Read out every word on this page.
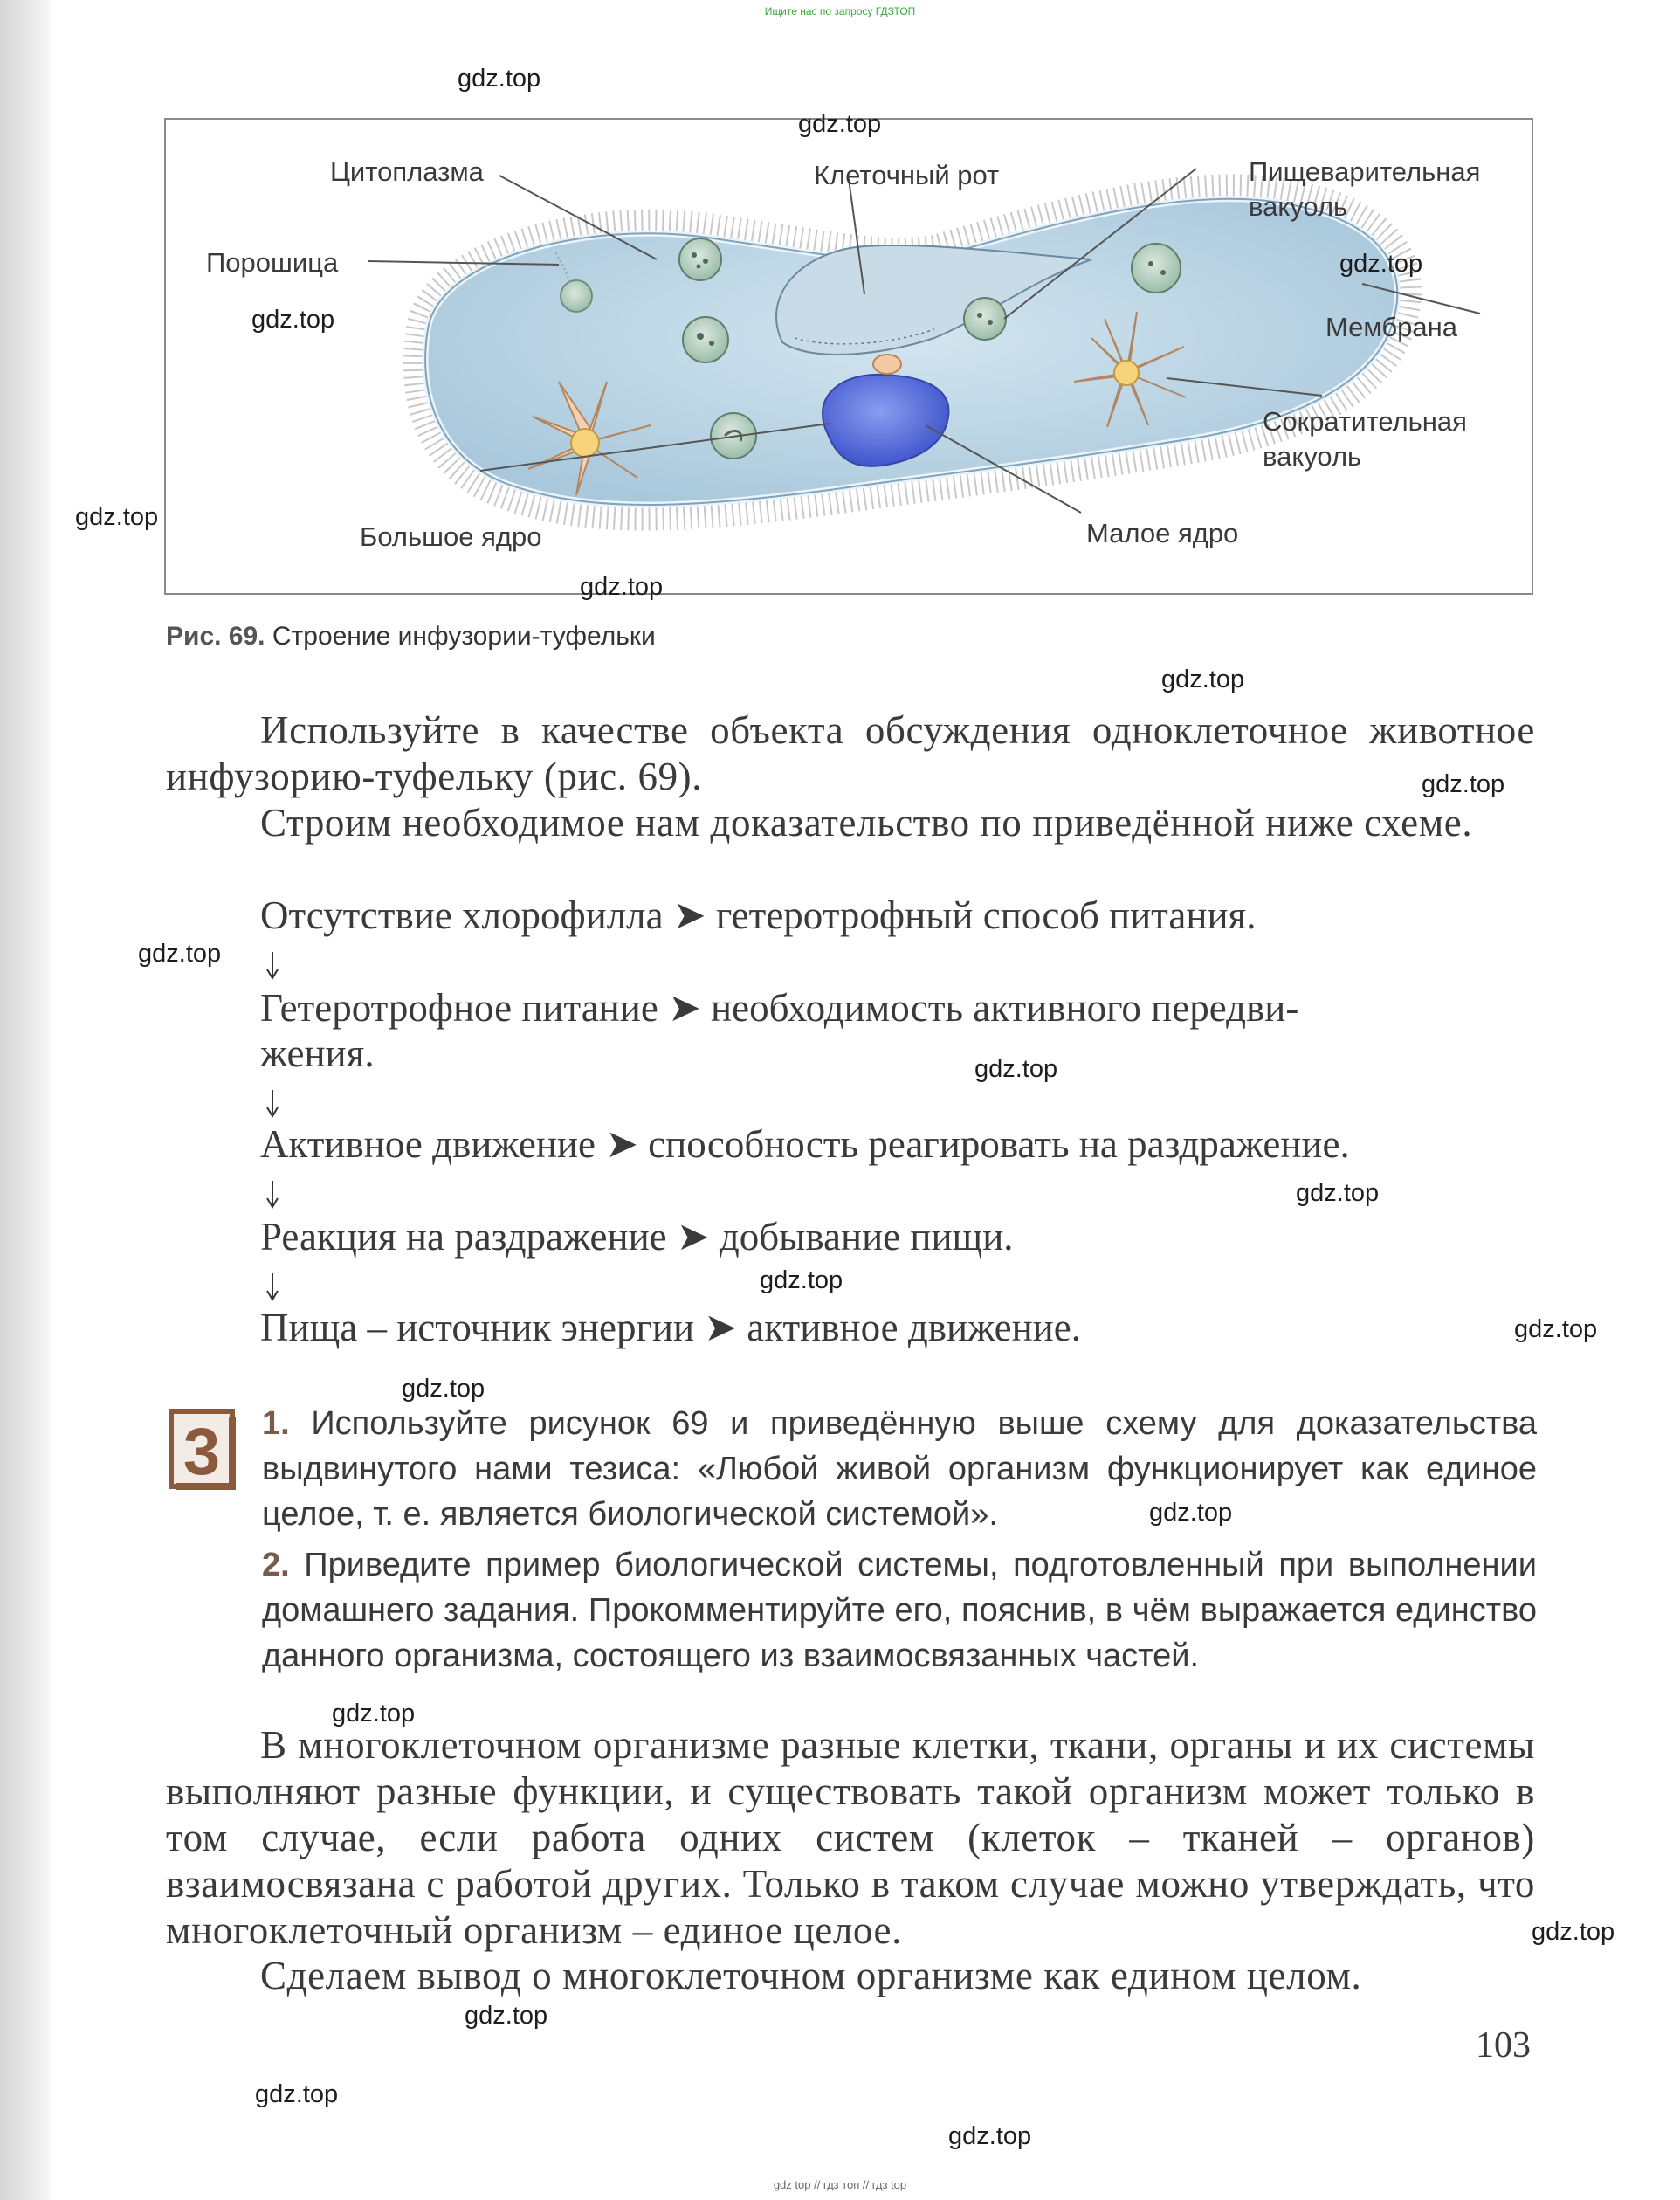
Ищите нас по запросу ГДЗТОП
Цитоплазма	Клеточный рот	Пищеварительная
вакуоль
Порошица
Мембрана
Сократительная
вакуоль
Большое ядро	Малое ядро
Рис. 69. Строение инфузории-туфельки
Используйте в качестве объекта обсуждения одноклеточное животное инфузорию-туфельку (рис. 69).
Строим необходимое нам доказательство по приведённой ниже схеме.
Отсутствие хлорофилла ➤ гетеротрофный способ питания.
Гетеротрофное питание ➤ необходимость активного передви-
жения.
Активное движение ➤ способность реагировать на раздражение.
Реакция на раздражение ➤ добывание пищи.
Пища – источник энергии ➤ активное движение.
3 1. Используйте рисунок 69 и приведённую выше схему для доказательства выдвинутого нами тезиса: «Любой живой организм функционирует как единое целое, т. е. является биологической системой».
2. Приведите пример биологической системы, подготовленный при выполнении домашнего задания. Прокомментируйте его, пояснив, в чём выражается единство данного организма, состоящего из взаимосвязанных частей.
В многоклеточном организме разные клетки, ткани, органы и их системы выполняют разные функции, и существовать такой организм может только в том случае, если работа одних систем (клеток – тканей – органов) взаимосвязана с работой других. Только в таком случае можно утверждать, что многоклеточный организм – единое целое.
Сделаем вывод о многоклеточном организме как едином целом.
103
gdz.top
gdz.top
gdz.top
gdz.top
gdz.top
gdz.top
gdz.top
gdz.top
gdz.top
gdz.top
gdz.top
gdz.top
gdz.top
gdz.top
gdz.top
gdz.top
gdz.top
gdz.top
gdz.top
gdz.top
gdz top // гдз топ // гдз top
